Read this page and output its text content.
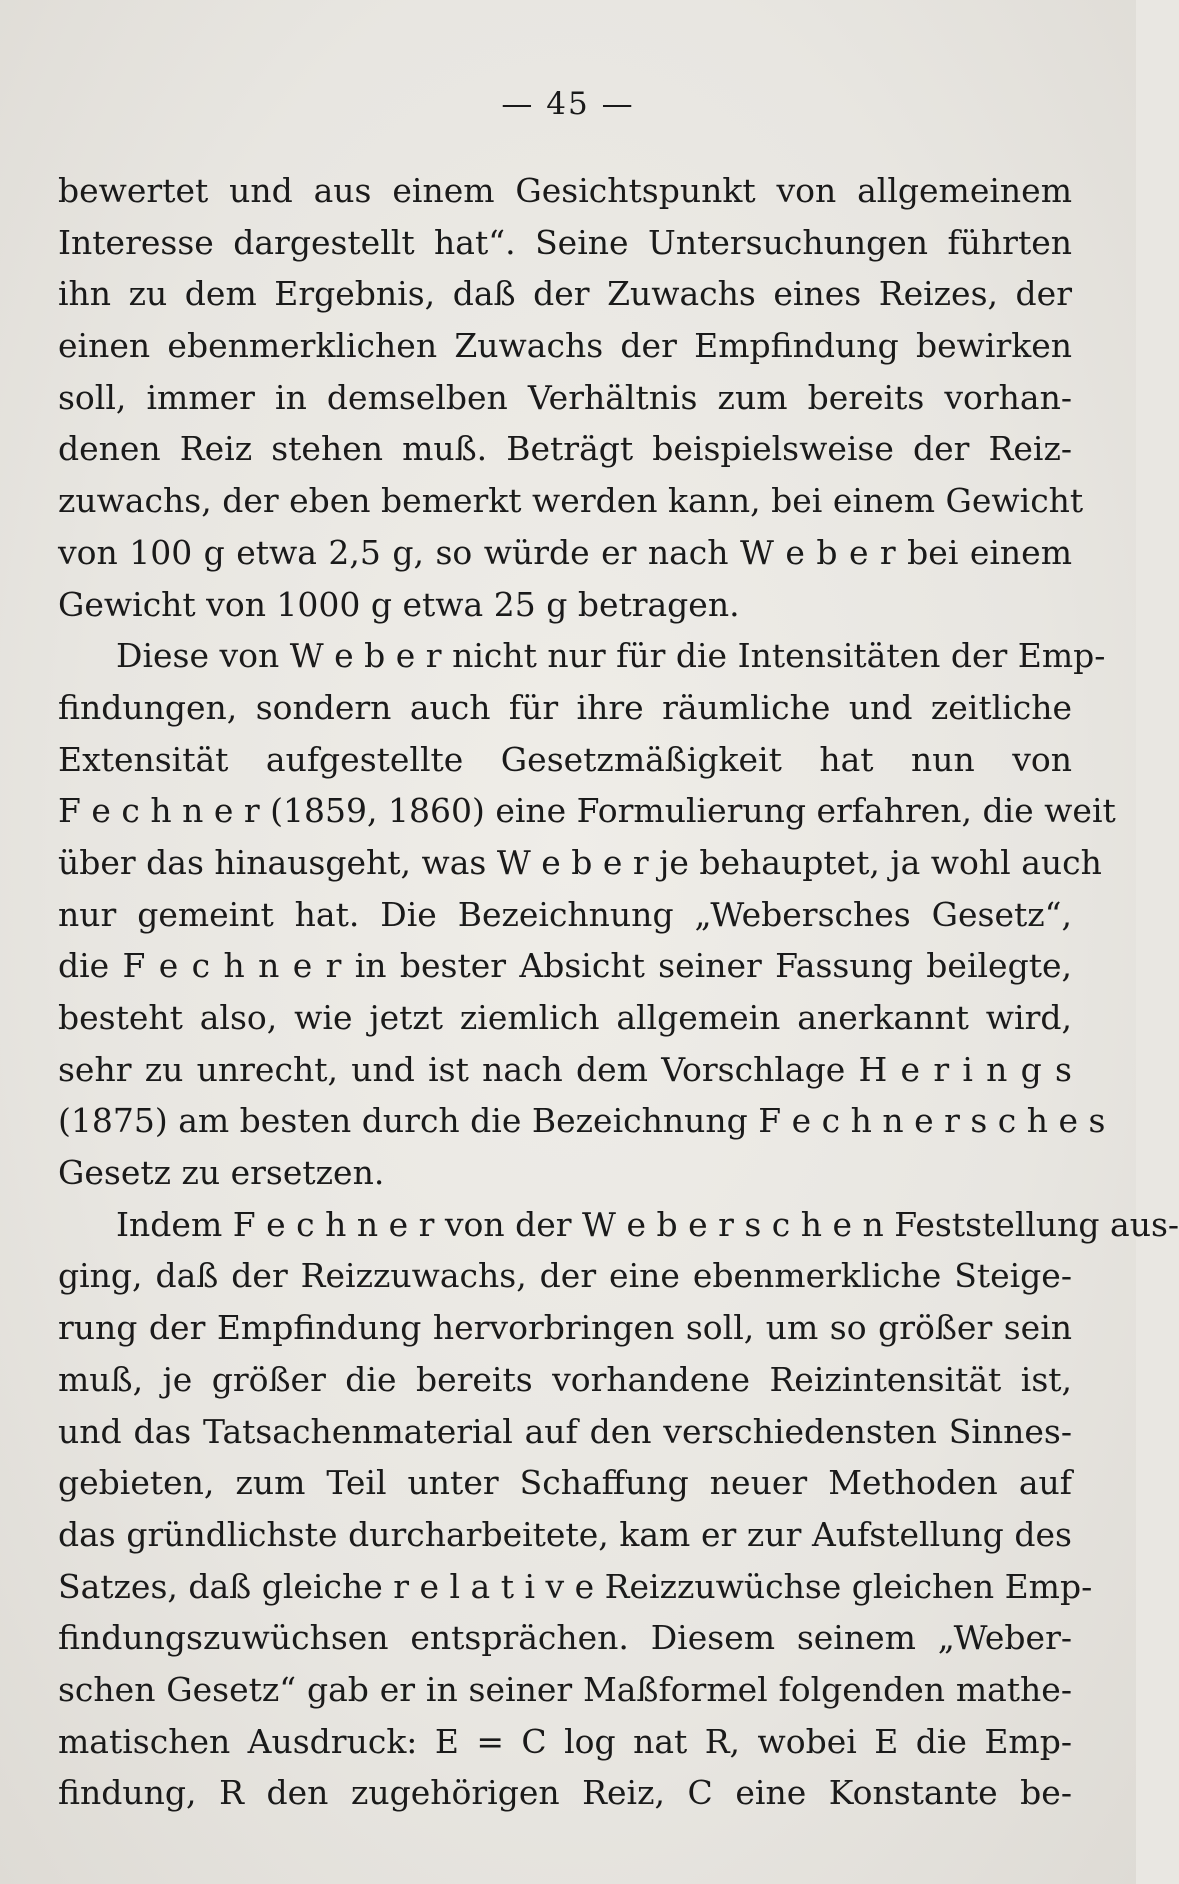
— 45 —
bewertet und aus einem Gesichtspunkt von allgemeinem
Interesse dargestellt hat“. Seine Untersuchungen führten
ihn zu dem Ergebnis, daß der Zuwachs eines Reizes, der
einen ebenmerklichen Zuwachs der Empfindung bewirken
soll, immer in demselben Verhältnis zum bereits vorhan-
denen Reiz stehen muß. Beträgt beispielsweise der Reiz-
zuwachs, der eben bemerkt werden kann, bei einem Gewicht
von 100 g etwa 2,5 g, so würde er nach W e b e r bei einem
Gewicht von 1000 g etwa 25 g betragen.
Diese von W e b e r nicht nur für die Intensitäten der Emp-
findungen, sondern auch für ihre räumliche und zeitliche
Extensität aufgestellte Gesetzmäßigkeit hat nun von
F e c h n e r (1859, 1860) eine Formulierung erfahren, die weit
über das hinausgeht, was W e b e r je behauptet, ja wohl auch
nur gemeint hat. Die Bezeichnung „Webersches Gesetz“,
die F e c h n e r in bester Absicht seiner Fassung beilegte,
besteht also, wie jetzt ziemlich allgemein anerkannt wird,
sehr zu unrecht, und ist nach dem Vorschlage H e r i n g s
(1875) am besten durch die Bezeichnung F e c h n e r s c h e s
Gesetz zu ersetzen.
Indem F e c h n e r von der W e b e r s c h e n Feststellung aus-
ging, daß der Reizzuwachs, der eine ebenmerkliche Steige-
rung der Empfindung hervorbringen soll, um so größer sein
muß, je größer die bereits vorhandene Reizintensität ist,
und das Tatsachenmaterial auf den verschiedensten Sinnes-
gebieten, zum Teil unter Schaffung neuer Methoden auf
das gründlichste durcharbeitete, kam er zur Aufstellung des
Satzes, daß gleiche r e l a t i v e Reizzuwüchse gleichen Emp-
findungszuwüchsen entsprächen. Diesem seinem „Weber-
schen Gesetz“ gab er in seiner Maßformel folgenden mathe-
matischen Ausdruck: E = C log nat R, wobei E die Emp-
findung, R den zugehörigen Reiz, C eine Konstante be-
